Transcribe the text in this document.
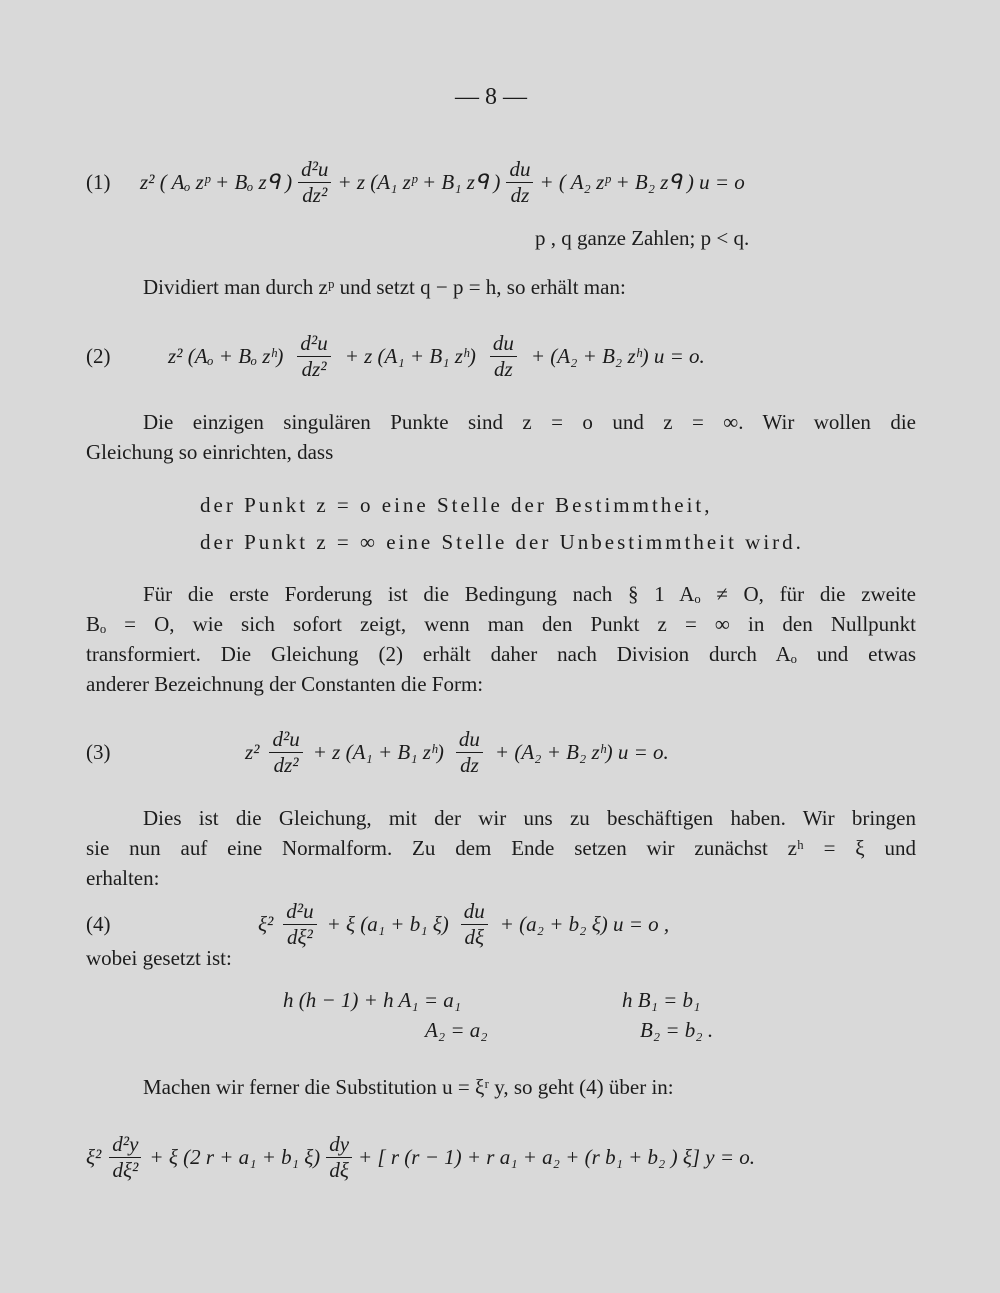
— 8 —
(1) z² ( Aₒ zᵖ + Bₒ zᑫ ) $\frac{\text{d²u}}{\text{dz²}} + z$ (A₁ zᵖ + B₁ zᑫ ) $\frac{du}{dz}$ + ( A₂ zᵖ + B₂ zᑫ ) u = o
p , q ganze Zahlen; p < q.
Dividiert man durch zᵖ und setzt q − p = h, so erhält man:
(2)	z² (Aₒ + Bₒ zʰ) $\frac{\text{d²u}}{\text{dz²}} + z$ (A₁ + B₁ zʰ) $\frac{du}{dz} + (A_2 + B_2$ zʰ) u = o.
Die einzigen singulären Punkte sind z = o und z = ∞. Wir wollen die
Gleichung so einrichten, dass
der Punkt z = o eine Stelle der Bestimmtheit,
der Punkt z = ∞ eine Stelle der Unbestimmtheit wird.
Für die erste Forderung ist die Bedingung nach § 1 Aₒ ≠ O, für die zweite
Bₒ = O, wie sich sofort zeigt, wenn man den Punkt z = ∞ in den Nullpunkt
transformiert. Die Gleichung (2) erhält daher nach Division durch Aₒ und etwas
anderer Bezeichnung der Constanten die Form:
(3)	$z^2 \frac{\text{d²u}}{\text{dz²}} + z$ (A₁ + B₁ zʰ) $\frac{du}{dz} + (A_2 + B_2$ zʰ) u = o.
Dies ist die Gleichung, mit der wir uns zu beschäftigen haben. Wir bringen
sie nun auf eine Normalform. Zu dem Ende setzen wir zunächst zʰ = ξ und
erhalten:
(4)	$\xi^2 \frac{\text{d²u}}{\text{dξ²}} + \xi$ (a₁ + b₁ $\xi) \frac{du}{d\xi} + (a_2 + b_2$ ξ) u = o ,
wobei gesetzt ist:
h (h − 1) + h A₁ = a₁	h B₁ = b₁
A₂ = a₂	B₂ = b₂ .
Machen wir ferner die Substitution u = ξʳ y, so geht (4) über in:
$\xi^2 \frac{\text{d²y}}{\text{dξ²}} + \xi$ (2 r + a₁ + b₁ $\xi) \frac{dy}{d\xi}$ + [ r (r − 1) + r a₁ + a₂ + (r b₁ + b₂ ) ξ] y = o.
